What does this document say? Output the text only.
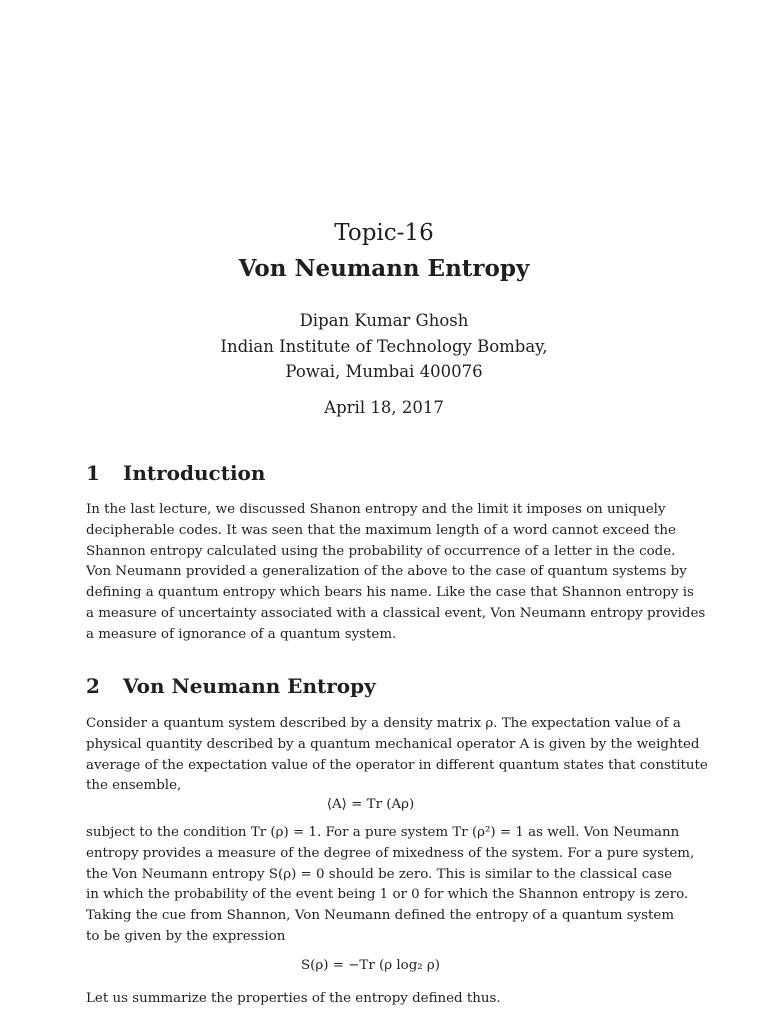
Topic-16
Von Neumann Entropy
Dipan Kumar Ghosh
Indian Institute of Technology Bombay,
Powai, Mumbai 400076
April 18, 2017
1 Introduction
In the last lecture, we discussed Shanon entropy and the limit it imposes on uniquely
decipherable codes. It was seen that the maximum length of a word cannot exceed the
Shannon entropy calculated using the probability of occurrence of a letter in the code.
Von Neumann provided a generalization of the above to the case of quantum systems by
defining a quantum entropy which bears his name. Like the case that Shannon entropy is
a measure of uncertainty associated with a classical event, Von Neumann entropy provides
a measure of ignorance of a quantum system.
2 Von Neumann Entropy
Consider a quantum system described by a density matrix ρ. The expectation value of a
physical quantity described by a quantum mechanical operator A is given by the weighted
average of the expectation value of the operator in different quantum states that constitute
the ensemble,
⟨A⟩ = Tr (Aρ)
subject to the condition Tr (ρ) = 1. For a pure system Tr (ρ²) = 1 as well. Von Neumann
entropy provides a measure of the degree of mixedness of the system. For a pure system,
the Von Neumann entropy S(ρ) = 0 should be zero. This is similar to the classical case
in which the probability of the event being 1 or 0 for which the Shannon entropy is zero.
Taking the cue from Shannon, Von Neumann defined the entropy of a quantum system
to be given by the expression
S(ρ) = −Tr (ρ log₂ ρ)
Let us summarize the properties of the entropy defined thus.
